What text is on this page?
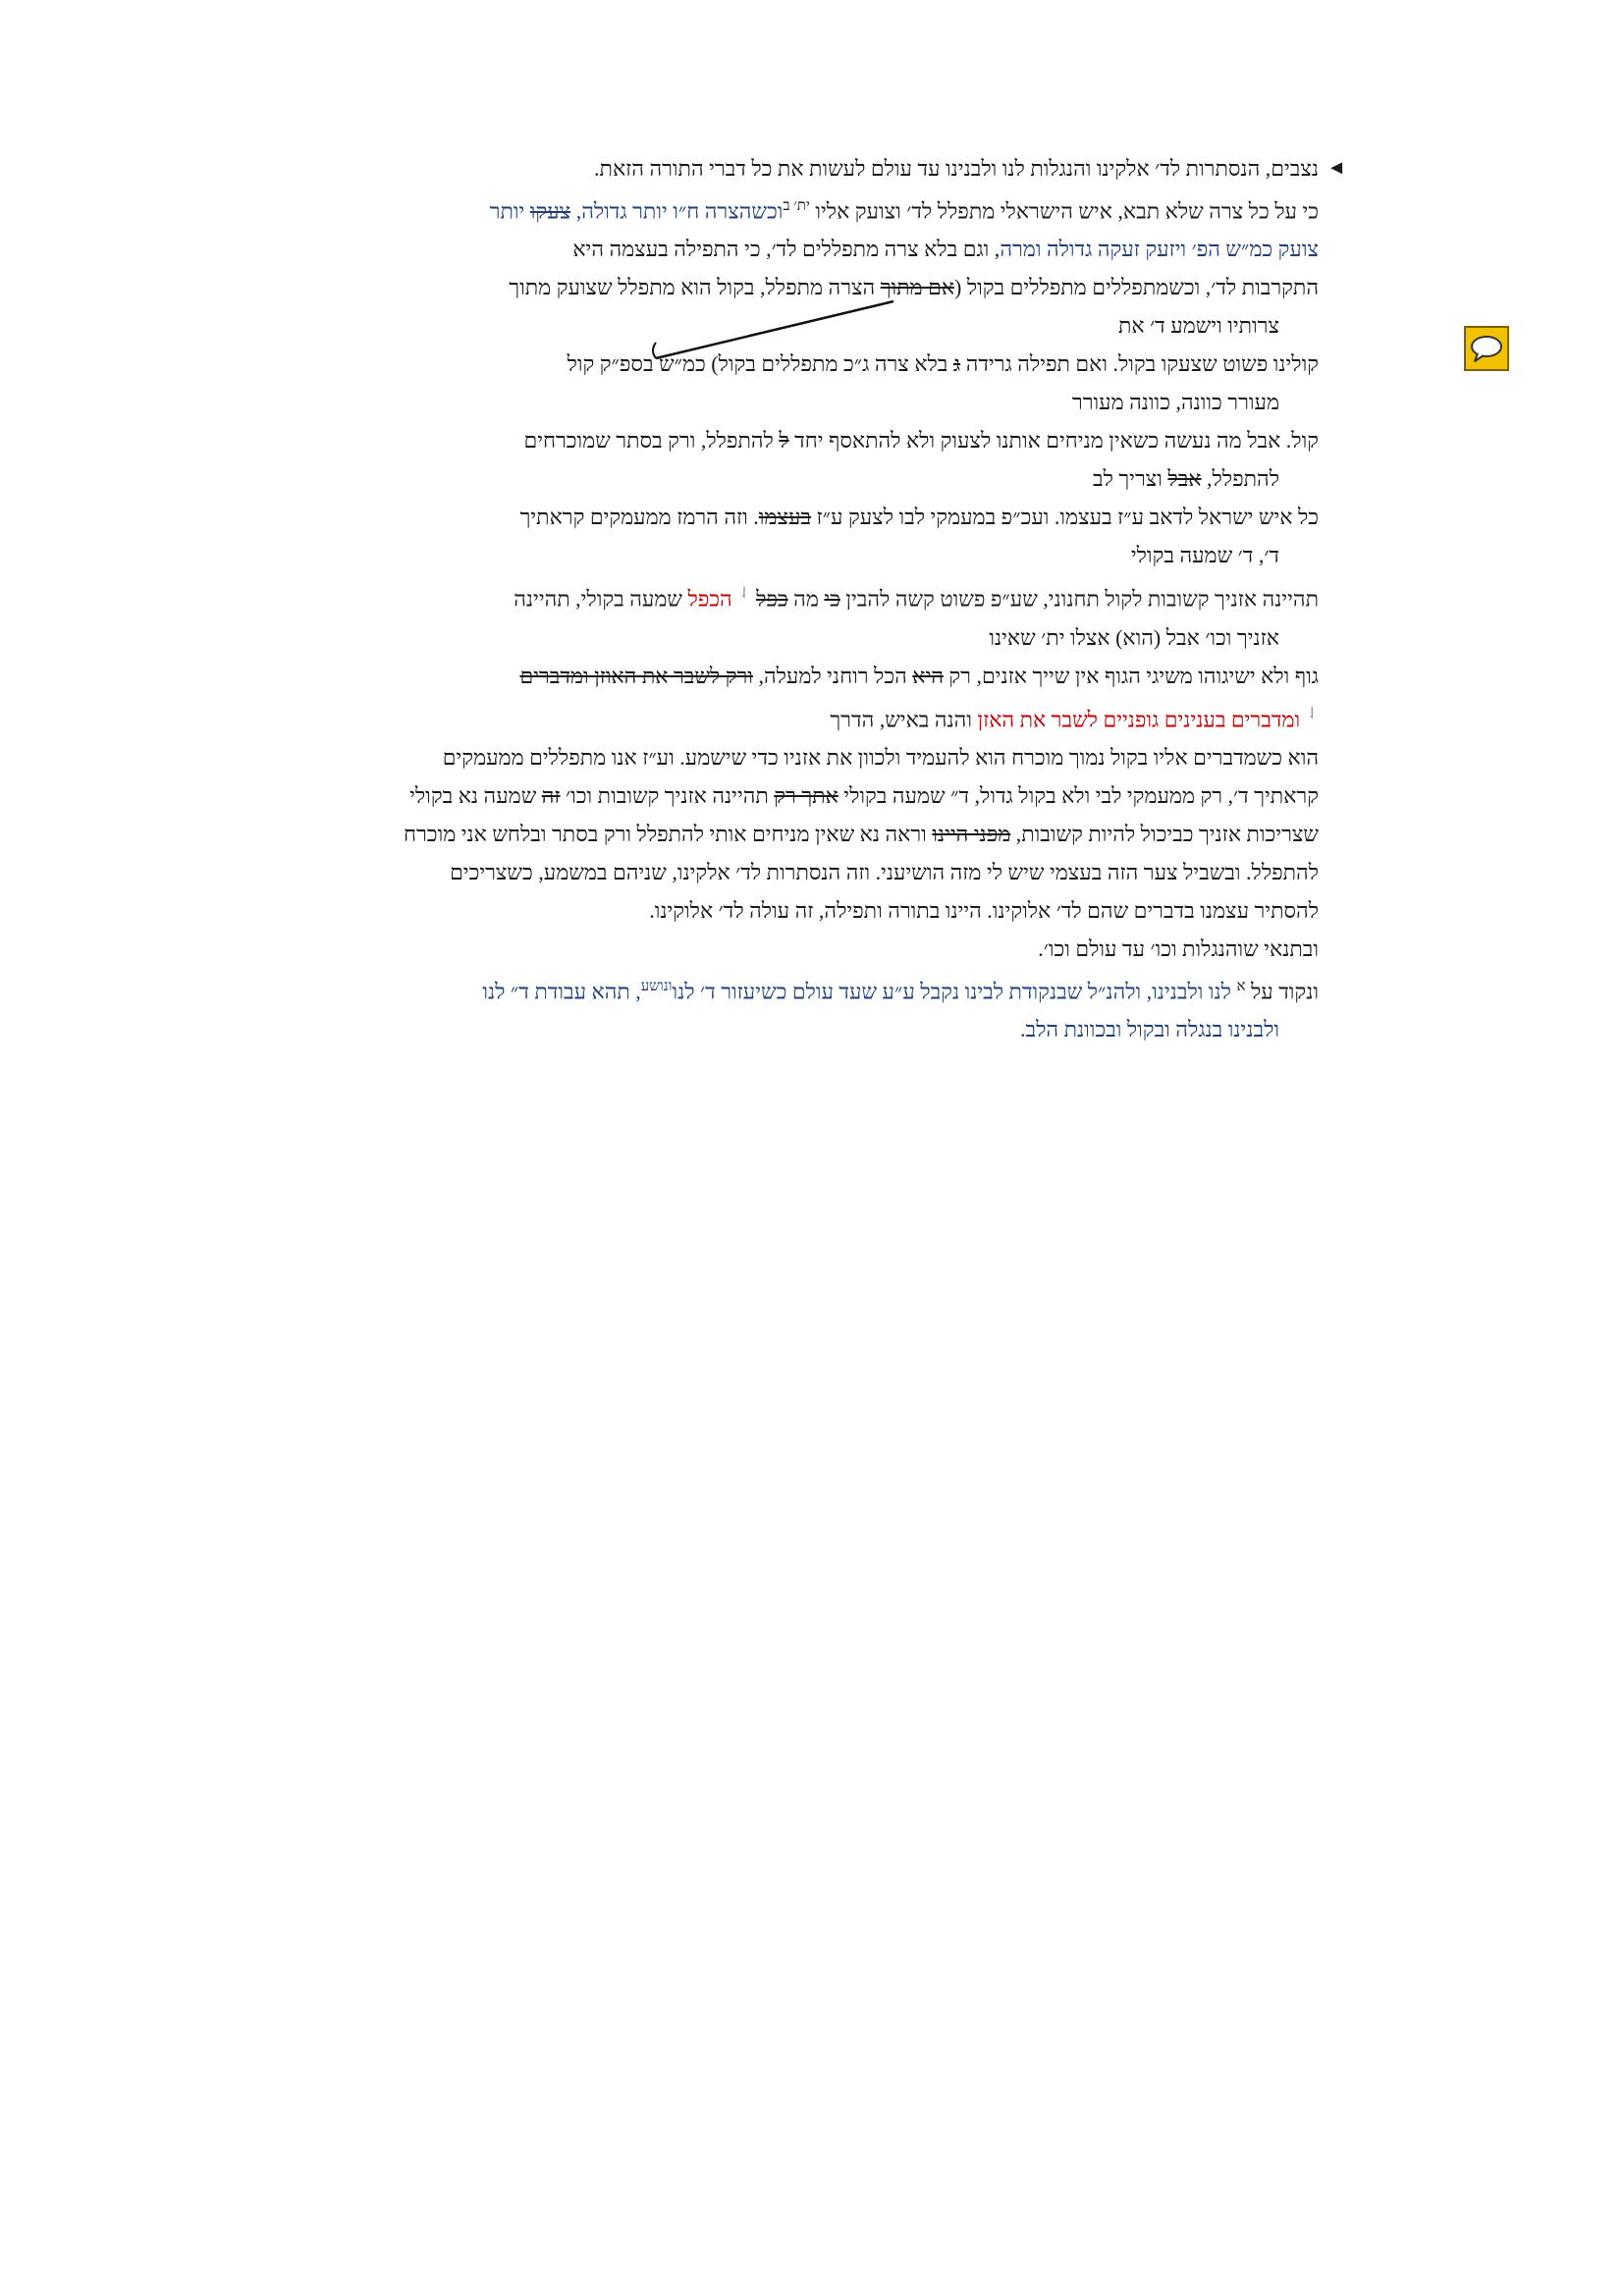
◄
נצבים, הנסתרות לד׳ אלקינו והנגלות לנו ולבנינו עד עולם לעשות את כל דברי התורה הזאת.
כי על כל צרה שלא תבא, איש הישראלי מתפלל לד׳ וצועק אליו $^{ית׳}$ $^ב$וכשהצרה ח״ו יותר גדולה, צעקו יותר
צועק כמ״ש הפ׳ ויזעק זעקה גדולה ומרה, וגם בלא צרה מתפללים לד׳, כי התפילה בעצמה היא
התקרבות לד׳, וכשמתפללים מתפללים בקול (אם מתוך הצרה מתפלל, בקול הוא מתפלל שצועק מתוך
צרותיו וישמע ד׳ את
קולינו פשוט שצעקו בקול. ואם תפילה גרידה ג בלא צרה ג״כ מתפללים בקול) כמ״ש בספ״ק קול
מעורר כוונה, כוונה מעורר
קול. אבל מה נעשה כשאין מניחים אותנו לצעוק ולא להתאסף יחד ל להתפלל, ורק בסתר שמוכרחים
להתפלל, אבל וצריך לב
כל איש ישראל לדאב ע״ז בעצמו. ועכ״פ במעמקי לבו לצעק ע״ז בעצמו. וזה הרמז ממעמקים קראתיך
ד׳, ד׳ שמעה בקולי
תהיינה אזניך קשובות לקול תחנוני, שע״פ פשוט קשה להבין כי מה כפל ⇃ הכפל שמעה בקולי, תהיינה
אזניך וכו׳ אבל (הוא) אצלו ית׳ שאינו
גוף ולא ישיגוהו משיגי הגוף אין שייך אזנים, רק היא הכל רוחני למעלה, ורק לשבר את האוזן ומדברים
⇃ ומדברים בענינים גופניים לשבר את האזן והנה באיש, הדרך
הוא כשמדברים אליו בקול נמוך מוכרח הוא להעמיד ולכוון את אזניו כדי שישמע. וע״ז אנו מתפללים ממעמקים
קראתיך ד׳, רק ממעמקי לבי ולא בקול גדול, ד״ שמעה בקולי אתך רק תהיינה אזניך קשובות וכו׳ זה שמעה נא בקולי
שצריכות אזניך כביכול להיות קשובות, מפני היינו וראה נא שאין מניחים אותי להתפלל ורק בסתר ובלחש אני מוכרח
להתפלל. ובשביל צער הזה בעצמי שיש לי מזה הושיעני. וזה הנסתרות לד׳ אלקינו, שניהם במשמע, כשצריכים
להסתיר עצמנו בדברים שהם לד׳ אלוקינו. היינו בתורה ותפילה, זה עולה לד׳ אלוקינו.
ובתנאי שוהנגלות וכו׳ עד עולם וכו׳.
ונקוד על $^א$ לנו ולבנינו, ולהנ״ל שבנקודת לבינו נקבל ע״ע שעד עולם כשיעזור ד׳ לנו$^{ונושע}$, תהא עבודת ד״ לנו
ולבנינו בנגלה ובקול ובכוונת הלב.
